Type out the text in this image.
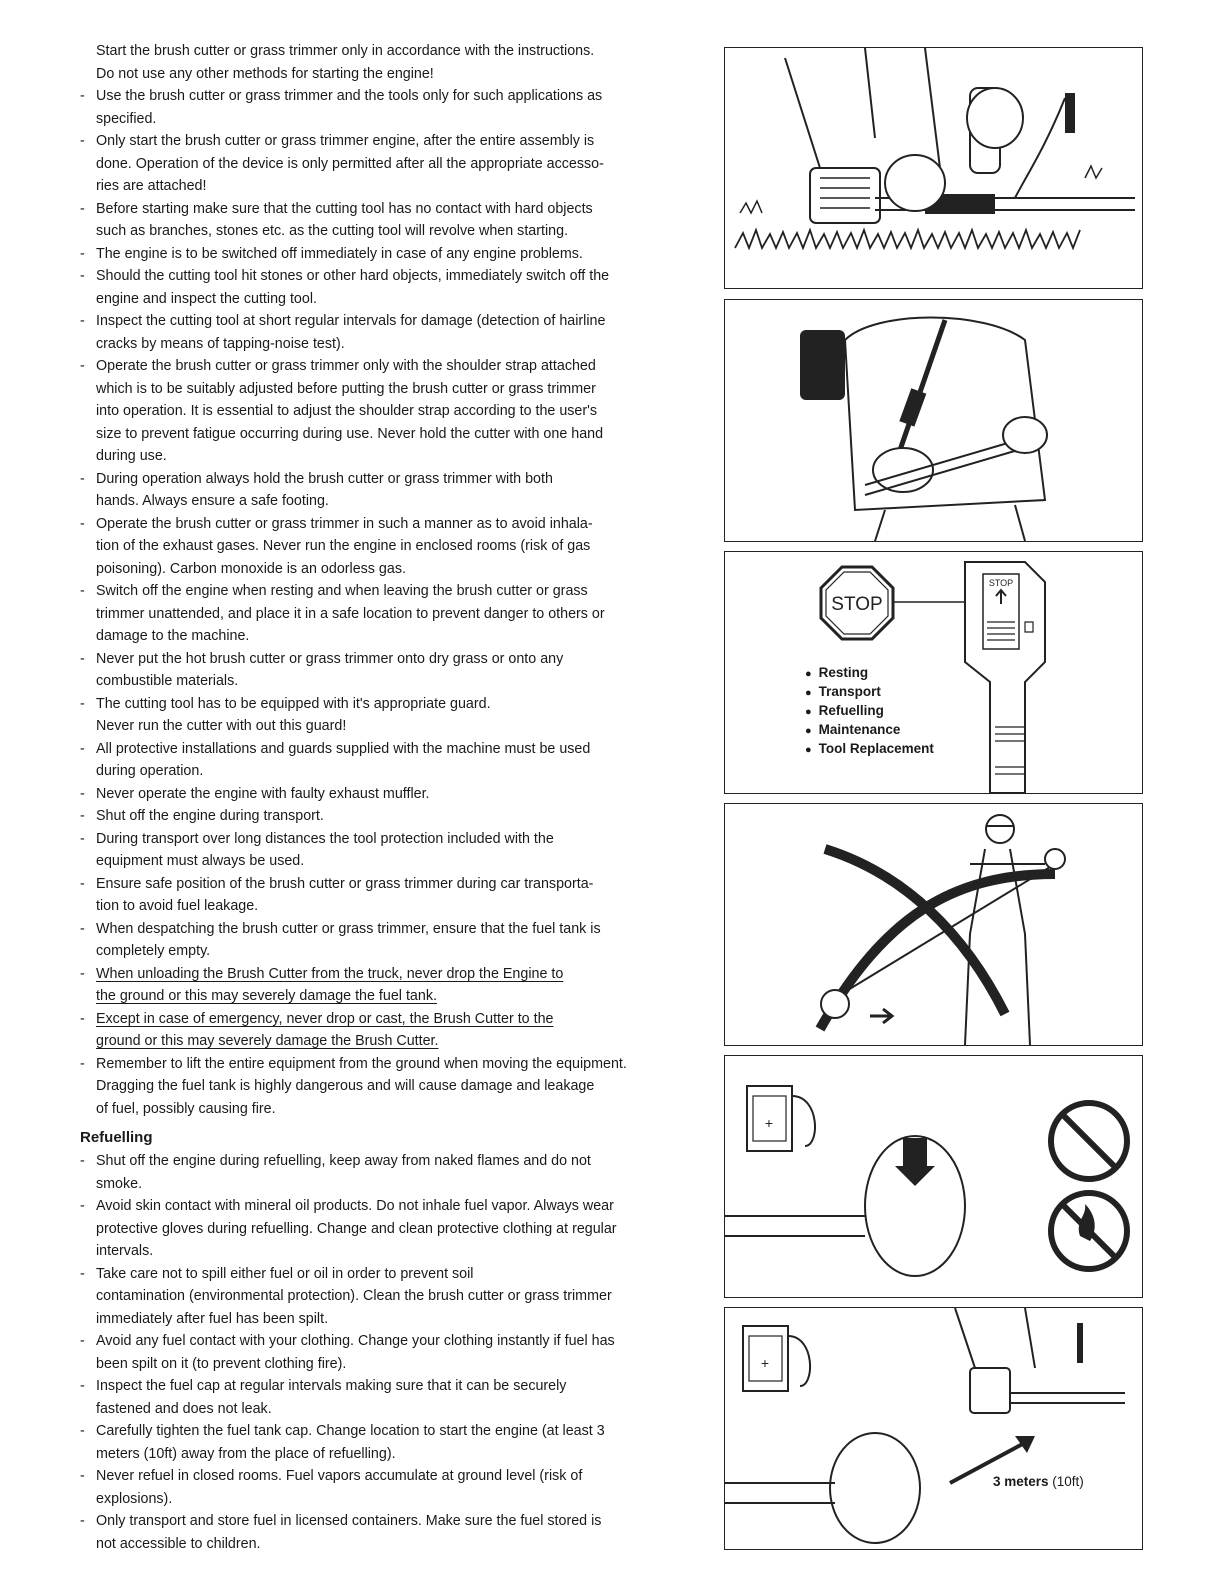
Start the brush cutter or grass trimmer only in accordance with the instructions.
Do not use any other methods for starting the engine!
- Use the brush cutter or grass trimmer and the tools only for such applications as
specified.
- Only start the brush cutter or grass trimmer engine, after the entire assembly is
done. Operation of the device is only permitted after all the appropriate accesso-
ries are attached!
- Before starting make sure that the cutting tool has no contact with hard objects
such as branches, stones etc. as the cutting tool will revolve when starting.
- The engine is to be switched off immediately in case of any engine problems.
- Should the cutting tool hit stones or other hard objects, immediately switch off the
engine and inspect the cutting tool.
- Inspect the cutting tool at short regular intervals for damage (detection of hairline
cracks by means of tapping-noise test).
- Operate the brush cutter or grass trimmer only with the shoulder strap attached
which is to be suitably adjusted before putting the brush cutter or grass trimmer
into operation. It is essential to adjust the shoulder strap according to the user's
size to prevent fatigue occurring during use. Never hold the cutter with one hand
during use.
- During operation always hold the brush cutter or grass trimmer with both
hands. Always ensure a safe footing.
- Operate the brush cutter or grass trimmer in such a manner as to avoid inhala-
tion of the exhaust gases. Never run the engine in enclosed rooms (risk of gas
poisoning). Carbon monoxide is an odorless gas.
- Switch off the engine when resting and when leaving the brush cutter or grass
trimmer unattended, and place it in a safe location to prevent danger to others or
damage to the machine.
- Never put the hot brush cutter or grass trimmer onto dry grass or onto any
combustible materials.
- The cutting tool has to be equipped with it's appropriate guard.
Never run the cutter with out this guard!
- All protective installations and guards supplied with the machine must be used
during operation.
- Never operate the engine with faulty exhaust muffler.
- Shut off the engine during transport.
- During transport over long distances the tool protection included with the
equipment must always be used.
- Ensure safe position of the brush cutter or grass trimmer during car transporta-
tion to avoid fuel leakage.
- When despatching the brush cutter or grass trimmer, ensure that the fuel tank is
completely empty.
- When unloading the Brush Cutter from the truck, never drop the Engine to
the ground or this may severely damage the fuel tank.
- Except in case of emergency, never drop or cast, the Brush Cutter to the
ground or this may severely damage the Brush Cutter.
- Remember to lift the entire equipment from the ground when moving the equipment.
Dragging the fuel tank is highly dangerous and will cause damage and leakage
of fuel, possibly causing fire.
Refuelling
- Shut off the engine during refuelling, keep away from naked flames and do not
smoke.
- Avoid skin contact with mineral oil products. Do not inhale fuel vapor. Always wear
protective gloves during refuelling. Change and clean protective clothing at regular
intervals.
- Take care not to spill either fuel or oil in order to prevent soil
contamination (environmental protection). Clean the brush cutter or grass trimmer
immediately after fuel has been spilt.
- Avoid any fuel contact with your clothing. Change your clothing instantly if fuel has
been spilt on it (to prevent clothing fire).
- Inspect the fuel cap at regular intervals making sure that it can be securely
fastened and does not leak.
- Carefully tighten the fuel tank cap. Change location to start the engine (at least 3
meters (10ft) away from the place of refuelling).
- Never refuel in closed rooms. Fuel vapors accumulate at ground level (risk of
explosions).
- Only transport and store fuel in licensed containers. Make sure the fuel stored is
not accessible to children.
STOP
STOP
● Resting
● Transport
● Refuelling
● Maintenance
● Tool Replacement
+
+
3 meters (10ft)
